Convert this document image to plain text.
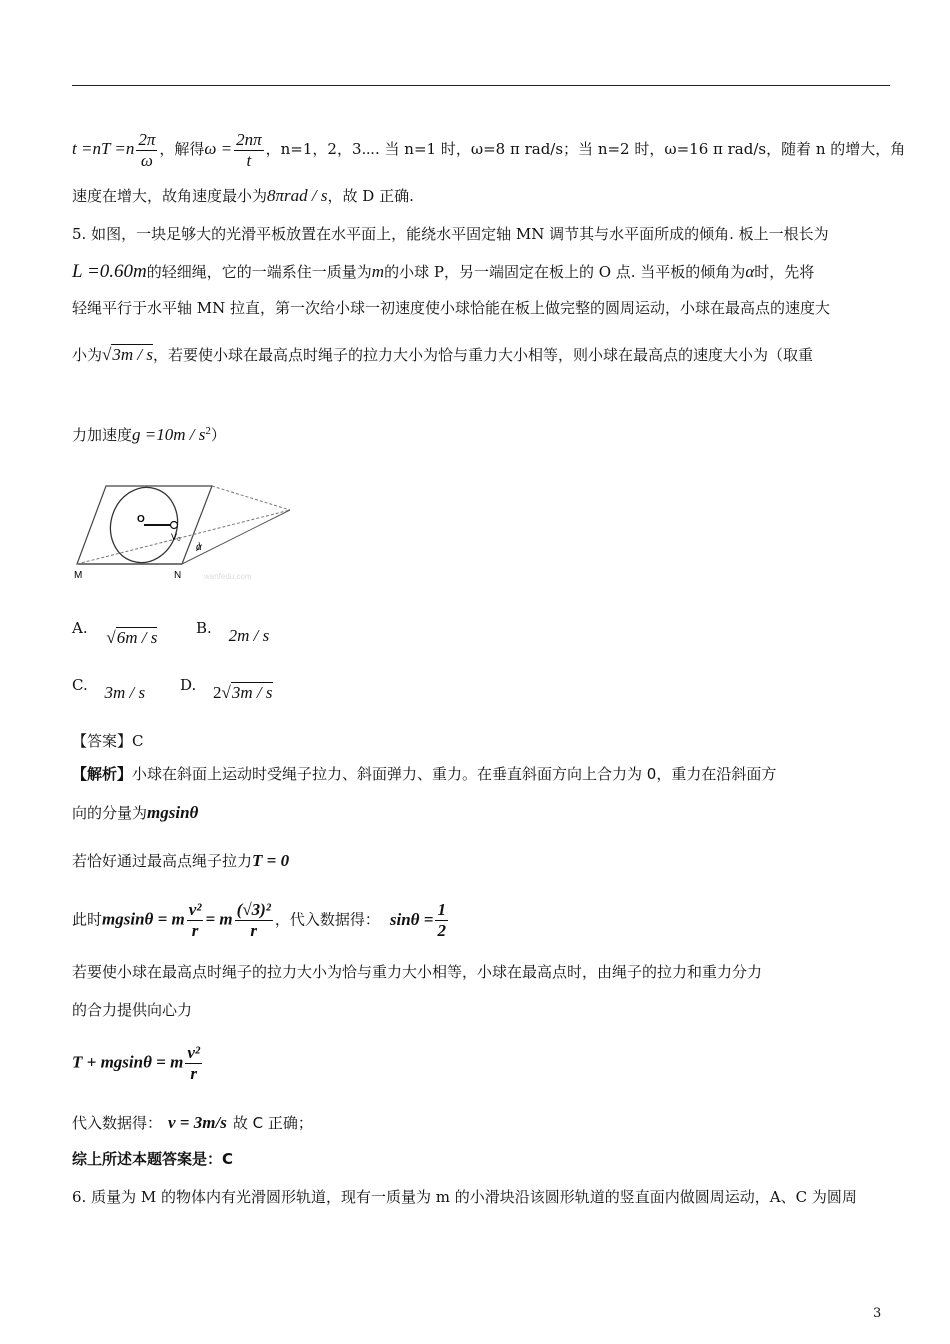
$t =nT =n \frac{2\pi}{\omega}$ ，解得$\omega = \frac{2n\pi}{t}$ ，n=1，2，3⋯. 当 n=1 时，ω=8 π rad/s；当 n=2 时，ω=16 π rad/s，随着 n 的增大，角
速度在增大，故角速度最小为8πrad / s，故 D 正确.
5. 如图，一块足够大的光滑平板放置在水平面上，能绕水平固定轴 MN 调节其与水平面所成的倾角. 板上一根长为
L =0.60m的轻细绳，它的一端系住一质量为m的小球 P，另一端固定在板上的 O 点. 当平板的倾角为α时，先将
轻绳平行于水平轴 MN 拉直，第一次给小球一初速度使小球恰能在板上做完整的圆周运动，小球在最高点的速度大
小为√3m / s，若要使小球在最高点时绳子的拉力大小为恰与重力大小相等，则小球在最高点的速度大小为（取重
力加速度$g =10m / s^2$）
O
V₀
α
M	N	wanfedu.com
A. √6m / s	B. 2m / s
C. 3m / s D. 2√3m / s
【答案】C
【解析】小球在斜面上运动时受绳子拉力、斜面弹力、重力。在垂直斜面方向上合力为 0，重力在沿斜面方
向的分量为mgsinθ
若恰好通过最高点绳子拉力T = 0
此时mgsinθ = m $\frac{\text{v²}}{r} = m \frac{\text{(√3)²}}{r}$ ，代入数据得： $\sin\theta = \frac{1}{2}$
若要使小球在最高点时绳子的拉力大小为恰与重力大小相等，小球在最高点时，由绳子的拉力和重力分力
的合力提供向心力
T + mgsinθ = m $\frac{\text{v²}}{r}$
代入数据得： v = 3m/s 故 C 正确；
综上所述本题答案是：C
6. 质量为 M 的物体内有光滑圆形轨道，现有一质量为 m 的小滑块沿该圆形轨道的竖直面内做圆周运动，A、C 为圆周
3
